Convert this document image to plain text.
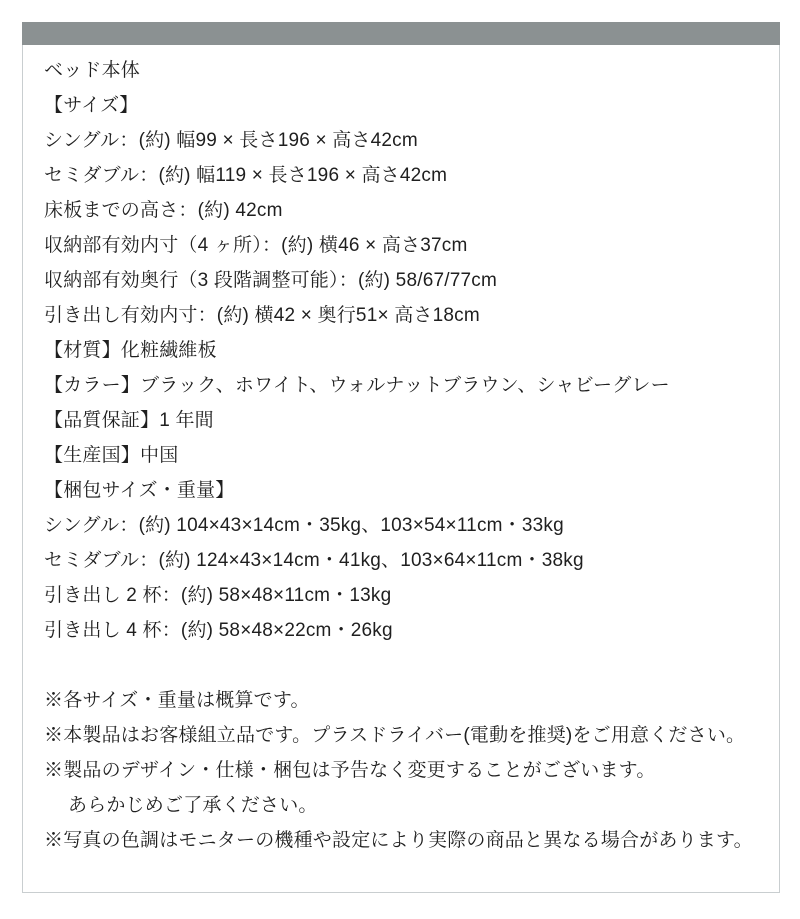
ベッド本体
【サイズ】
シングル：(約) 幅99 × 長さ196 × 高さ42cm
セミダブル：(約) 幅119 × 長さ196 × 高さ42cm
床板までの高さ：(約) 42cm
収納部有効内寸（4 ヶ所）：(約) 横46 × 高さ37cm
収納部有効奥行（3 段階調整可能）：(約) 58/67/77cm
引き出し有効内寸：(約) 横42 × 奥行51× 高さ18cm
【材質】化粧繊維板
【カラー】ブラック、ホワイト、ウォルナットブラウン、シャビーグレー
【品質保証】1 年間
【生産国】中国
【梱包サイズ・重量】
シングル：(約) 104×43×14cm・35kg、103×54×11cm・33kg
セミダブル：(約) 124×43×14cm・41kg、103×64×11cm・38kg
引き出し 2 杯：(約) 58×48×11cm・13kg
引き出し 4 杯：(約) 58×48×22cm・26kg
※各サイズ・重量は概算です。
※本製品はお客様組立品です。プラスドライバー(電動を推奨)をご用意ください。
※製品のデザイン・仕様・梱包は予告なく変更することがございます。
あらかじめご了承ください。
※写真の色調はモニターの機種や設定により実際の商品と異なる場合があります。
